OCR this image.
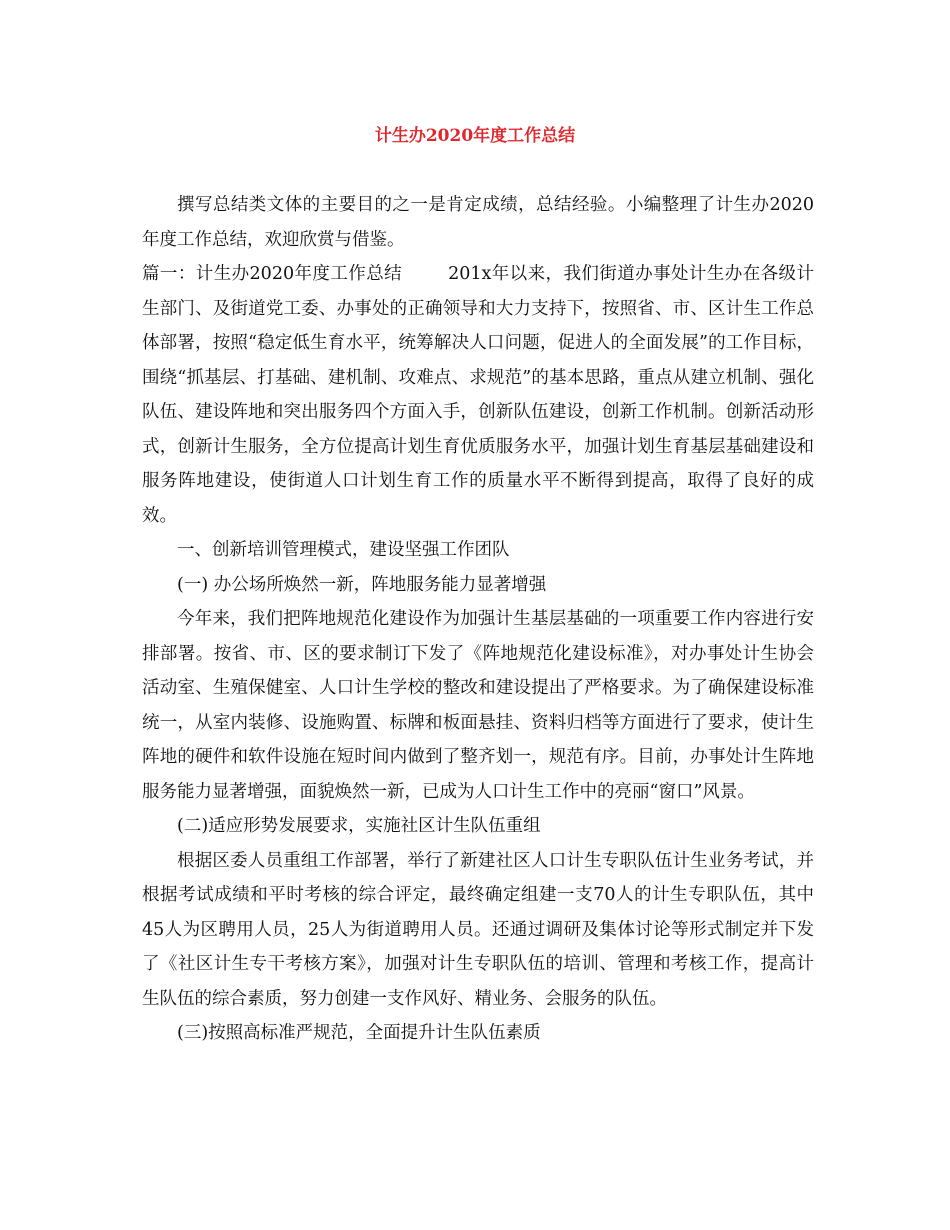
计生办2020年度工作总结

撰写总结类文体的主要目的之一是肯定成绩，总结经验。小编整理了计生办2020年度工作总结，欢迎欣赏与借鉴。

篇一：计生办2020年度工作总结	201x年以来，我们街道办事处计生办在各级计生部门、及街道党工委、办事处的正确领导和大力支持下，按照省、市、区计生工作总体部署，按照“稳定低生育水平，统筹解决人口问题，促进人的全面发展”的工作目标，围绕“抓基层、打基础、建机制、攻难点、求规范”的基本思路，重点从建立机制、强化队伍、建设阵地和突出服务四个方面入手，创新队伍建设，创新工作机制。创新活动形式，创新计生服务，全方位提高计划生育优质服务水平，加强计划生育基层基础建设和服务阵地建设，使街道人口计划生育工作的质量水平不断得到提高，取得了良好的成效。

一、创新培训管理模式，建设坚强工作团队

(一) 办公场所焕然一新，阵地服务能力显著增强

今年来，我们把阵地规范化建设作为加强计生基层基础的一项重要工作内容进行安排部署。按省、市、区的要求制订下发了《阵地规范化建设标准》，对办事处计生协会活动室、生殖保健室、人口计生学校的整改和建设提出了严格要求。为了确保建设标准统一，从室内装修、设施购置、标牌和板面悬挂、资料归档等方面进行了要求，使计生阵地的硬件和软件设施在短时间内做到了整齐划一，规范有序。目前，办事处计生阵地服务能力显著增强，面貌焕然一新，已成为人口计生工作中的亮丽“窗口”风景。

(二)适应形势发展要求，实施社区计生队伍重组

根据区委人员重组工作部署，举行了新建社区人口计生专职队伍计生业务考试，并根据考试成绩和平时考核的综合评定，最终确定组建一支70人的计生专职队伍，其中45人为区聘用人员，25人为街道聘用人员。还通过调研及集体讨论等形式制定并下发了《社区计生专干考核方案》，加强对计生专职队伍的培训、管理和考核工作，提高计生队伍的综合素质，努力创建一支作风好、精业务、会服务的队伍。

(三)按照高标准严规范，全面提升计生队伍素质
